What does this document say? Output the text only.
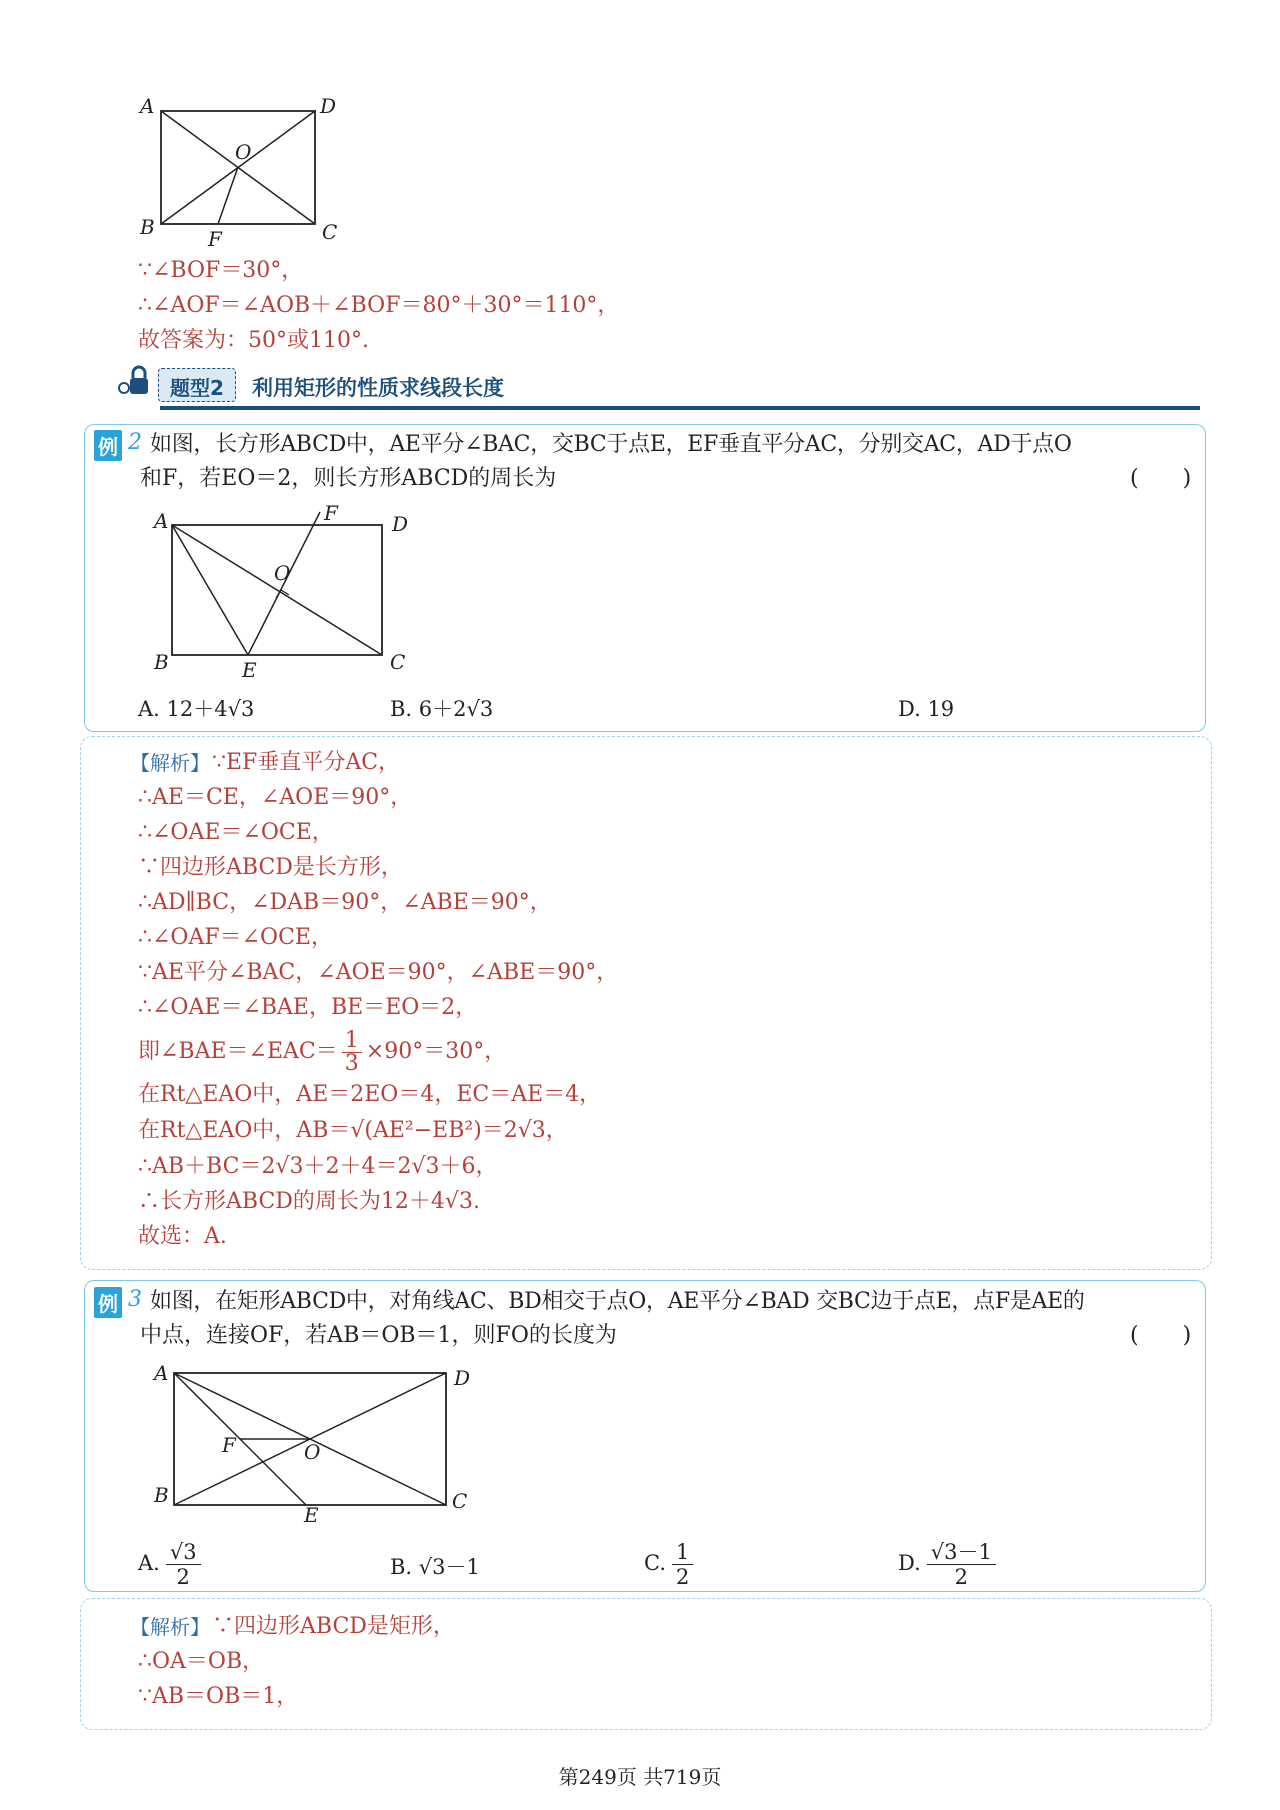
A	D
O
B	F	C
∵∠BOF＝30°，
∴∠AOF＝∠AOB＋∠BOF＝80°＋30°＝110°，
故答案为：50°或110°.
题型2 利用矩形的性质求线段长度
例 2 如图，长方形ABCD中，AE平分∠BAC，交BC于点E，EF垂直平分AC，分别交AC，AD于点O
和F，若EO＝2，则长方形ABCD的周长为	(　　)
A	F	D
O
B	E	C
A. 12＋4√3	B. 6＋2√3	D. 19
【解析】 ∵EF垂直平分AC，
∴AE＝CE，∠AOE＝90°，
∴∠OAE＝∠OCE，
∵四边形ABCD是长方形，
∴AD∥BC，∠DAB＝90°，∠ABE＝90°，
∴∠OAF＝∠OCE，
∵AE平分∠BAC，∠AOE＝90°，∠ABE＝90°，
∴∠OAE＝∠BAE，BE＝EO＝2，
即∠BAE＝∠EAC＝ $\frac{1}{3} \times 90^\circ=30^\circ$，
在Rt△EAO中，AE＝2EO＝4，EC＝AE＝4，
在Rt△EAO中，AB＝√(AE²−EB²)＝2√3，
∴AB＋BC＝2√3＋2＋4＝2√3＋6，
∴长方形ABCD的周长为12＋4√3.
故选：A.
例 3 如图，在矩形ABCD中，对角线AC、BD相交于点O，AE平分∠BAD 交BC边于点E，点F是AE的
中点，连接OF，若AB＝OB＝1，则FO的长度为	(　　)
A	D
F	O
B
E
C
A. $\frac{√3}{2}$	B. √3－1	C. $\frac{1}{2}$	D. $\frac{√3-1}{2}$
【解析】 ∵四边形ABCD是矩形，
∴OA＝OB，
∵AB＝OB＝1，
第249页 共719页
